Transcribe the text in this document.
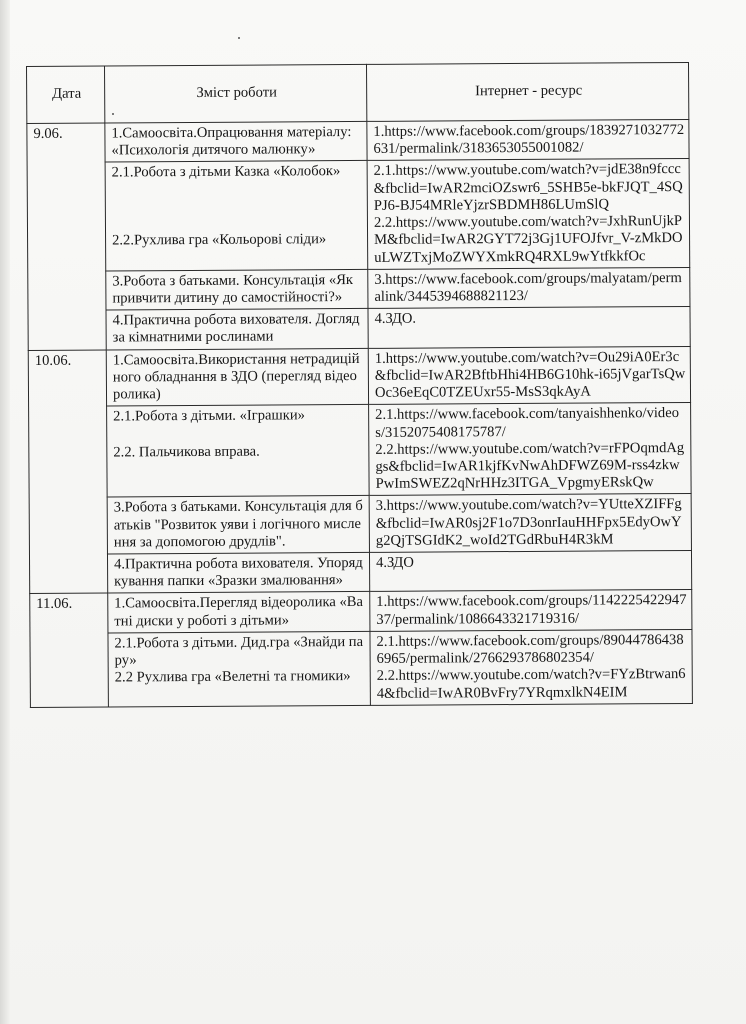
Дата	Зміст роботи	Інтернет - ресурс
9.06.	1.Самоосвіта.Опрацювання матеріалу: «Психологія дитячого малюнку»	1.https://www.facebook.com/groups/1839271032772631/permalink/3183653055001082/

	2.1.Робота з дітьми Казка «Колобок»
2.2.Рухлива гра «Кольорові сліди»	2.1.https://www.youtube.com/watch?v=jdE38n9fccc&fbclid=IwAR2mciOZswr6_5SHB5e-bkFJQT_4SQPJ6-BJ54MRleYjzrSBDMH86LUmSlQ
2.2.https://www.youtube.com/watch?v=JxhRunUjkPM&fbclid=IwAR2GYT72j3Gj1UFOJfvr_V-zMkDOuLWZTxjMoZWYXmkRQ4RXL9wYtfkkfOc

	3.Робота з батьками. Консультація «Як привчити дитину до самостійності?»	3.https://www.facebook.com/groups/malyatam/permalink/3445394688821123/

	4.Практична робота вихователя. Догляд за кімнатними рослинами	4.ЗДО.

10.06.	1.Самоосвіта.Використання нетрадиційного обладнання в ЗДО (перегляд відеоролика)	1.https://www.youtube.com/watch?v=Ou29iA0Er3c&fbclid=IwAR2BftbHhi4HB6G10hk-i65jVgarTsQwOc36eEqC0TZEUxr55-MsS3qkAyA

	2.1.Робота з дітьми. «Іграшки»
2.2. Пальчикова вправа.	2.1.https://www.facebook.com/tanyaishhenko/videos/3152075408175787/
2.2.https://www.youtube.com/watch?v=rFPOqmdAggs&fbclid=IwAR1kjfKvNwAhDFWZ69M-rss4zkwPwImSWEZ2qNrHHz3ITGA_VpgmyERskQw

	3.Робота з батьками. Консультація для батьків "Розвиток уяви і логічного мислення за допомогою друдлів".	3.https://www.youtube.com/watch?v=YUtteXZIFFg&fbclid=IwAR0sj2F1o7D3onrIauHHFpx5EdyOwYg2QjTSGIdK2_woId2TGdRbuH4R3kM

	4.Практична робота вихователя. Упорядкування папки «Зразки змалювання»	4.ЗДО

11.06.	1.Самоосвіта.Перегляд відеоролика «Ватні диски у роботі з дітьми»	1.https://www.facebook.com/groups/114222542294737/permalink/1086643321719316/

	2.1.Робота з дітьми. Дид.гра «Знайди пару»
2.2 Рухлива гра «Велетні та гномики»	2.1.https://www.facebook.com/groups/890447864386965/permalink/2766293786802354/
2.2.https://www.youtube.com/watch?v=FYzBtrwan64&fbclid=IwAR0BvFry7YRqmxlkN4EIM
